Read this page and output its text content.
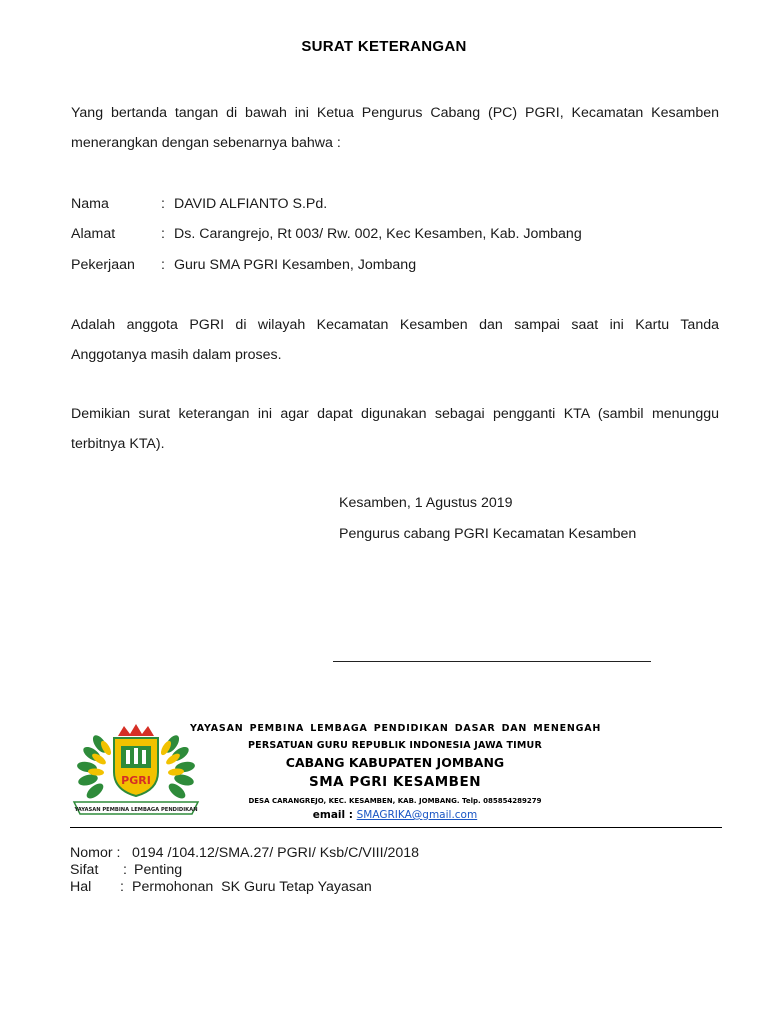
SURAT KETERANGAN
Yang bertanda tangan di bawah ini Ketua Pengurus Cabang (PC) PGRI, Kecamatan Kesamben
menerangkan dengan sebenarnya bahwa :
Nama	: DAVID ALFIANTO S.Pd.
Alamat	: Ds. Carangrejo, Rt 003/ Rw. 002, Kec Kesamben, Kab. Jombang
Pekerjaan : Guru SMA PGRI Kesamben, Jombang
Adalah anggota PGRI di wilayah Kecamatan Kesamben dan sampai saat ini Kartu Tanda
Anggotanya masih dalam proses.
Demikian surat keterangan ini agar dapat digunakan sebagai pengganti KTA (sambil menunggu
terbitnya KTA).
Kesamben, 1 Agustus 2019
Pengurus cabang PGRI Kecamatan Kesamben
PGRI
YAYASAN PEMBINA LEMBAGA PENDIDIKAN
YAYASAN PEMBINA LEMBAGA PENDIDIKAN DASAR DAN MENENGAH
PERSATUAN GURU REPUBLIK INDONESIA JAWA TIMUR
CABANG KABUPATEN JOMBANG
SMA PGRI KESAMBEN
DESA CARANGREJO, KEC. KESAMBEN, KAB. JOMBANG. Telp. 085854289279
email : SMAGRIKA@gmail.com
Nomor : 0194 /104.12/SMA.27/ PGRI/ Ksb/C/VIII/2018
Sifat : Penting
Hal : Permohonan  SK Guru Tetap Yayasan
